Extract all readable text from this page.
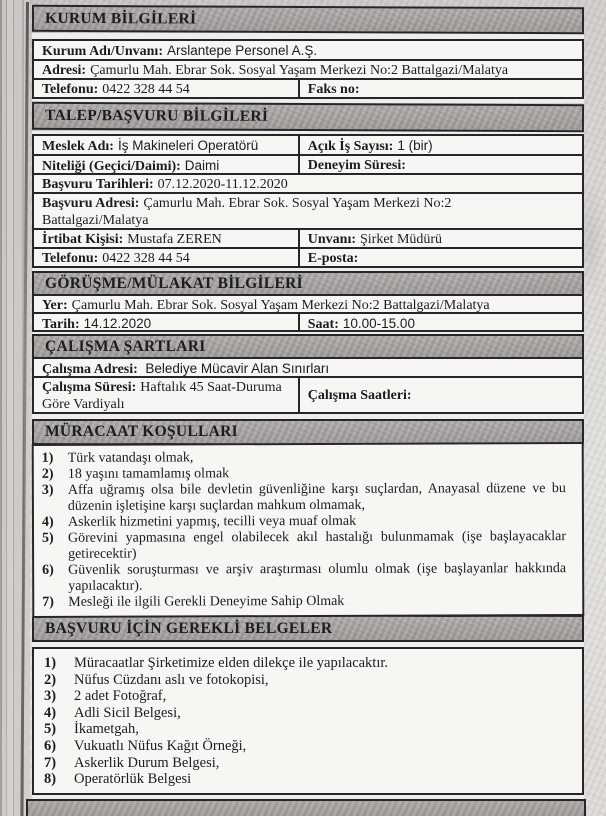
KURUM BİLGİLERİ
Kurum Adı/Unvanı: Arslantepe Personel A.Ş.
Adresi: Çamurlu Mah. Ebrar Sok. Sosyal Yaşam Merkezi No:2 Battalgazi/Malatya
Telefonu: 0422 328 44 54	Faks no:
TALEP/BAŞVURU BİLGİLERİ
Meslek Adı: İş Makineleri Operatörü	Açık İş Sayısı: 1 (bir)
Niteliği (Geçici/Daimi): Daimi	Deneyim Süresi:
Başvuru Tarihleri: 07.12.2020-11.12.2020
Başvuru Adresi: Çamurlu Mah. Ebrar Sok. Sosyal Yaşam Merkezi No:2 Battalgazi/Malatya
İrtibat Kişisi: Mustafa ZEREN	Unvanı: Şirket Müdürü
Telefonu: 0422 328 44 54	E-posta:
GÖRÜŞME/MÜLAKAT BİLGİLERİ
Yer: Çamurlu Mah. Ebrar Sok. Sosyal Yaşam Merkezi No:2 Battalgazi/Malatya
Tarih: 14.12.2020	Saat: 10.00-15.00
ÇALIŞMA ŞARTLARI
Çalışma Adresi: Belediye Mücavir Alan Sınırları
Çalışma Süresi: Haftalık 45 Saat-Duruma Göre Vardiyalı
Çalışma Saatleri:
MÜRACAAT KOŞULLARI
1)	Türk vatandaşı olmak,
2)	18 yaşını tamamlamış olmak
3)	Affa uğramış olsa bile devletin güvenliğine karşı suçlardan, Anayasal düzene ve bu düzenin işletişine karşı suçlardan mahkum olmamak,
4)	Askerlik hizmetini yapmış, tecilli veya muaf olmak
5)	Görevini yapmasına engel olabilecek akıl hastalığı bulunmamak (işe başlayacaklar getirecektir)
6)	Güvenlik soruşturması ve arşiv araştırması olumlu olmak (işe başlayanlar hakkında yapılacaktır).
7)	Mesleği ile ilgili Gerekli Deneyime Sahip Olmak
BAŞVURU İÇİN GEREKLİ BELGELER
1)	Müracaatlar Şirketimize elden dilekçe ile yapılacaktır.
2)	Nüfus Cüzdanı aslı ve fotokopisi,
3)	2 adet Fotoğraf,
4)	Adli Sicil Belgesi,
5)	İkametgah,
6)	Vukuatlı Nüfus Kağıt Örneği,
7)	Askerlik Durum Belgesi,
8)	Operatörlük Belgesi
